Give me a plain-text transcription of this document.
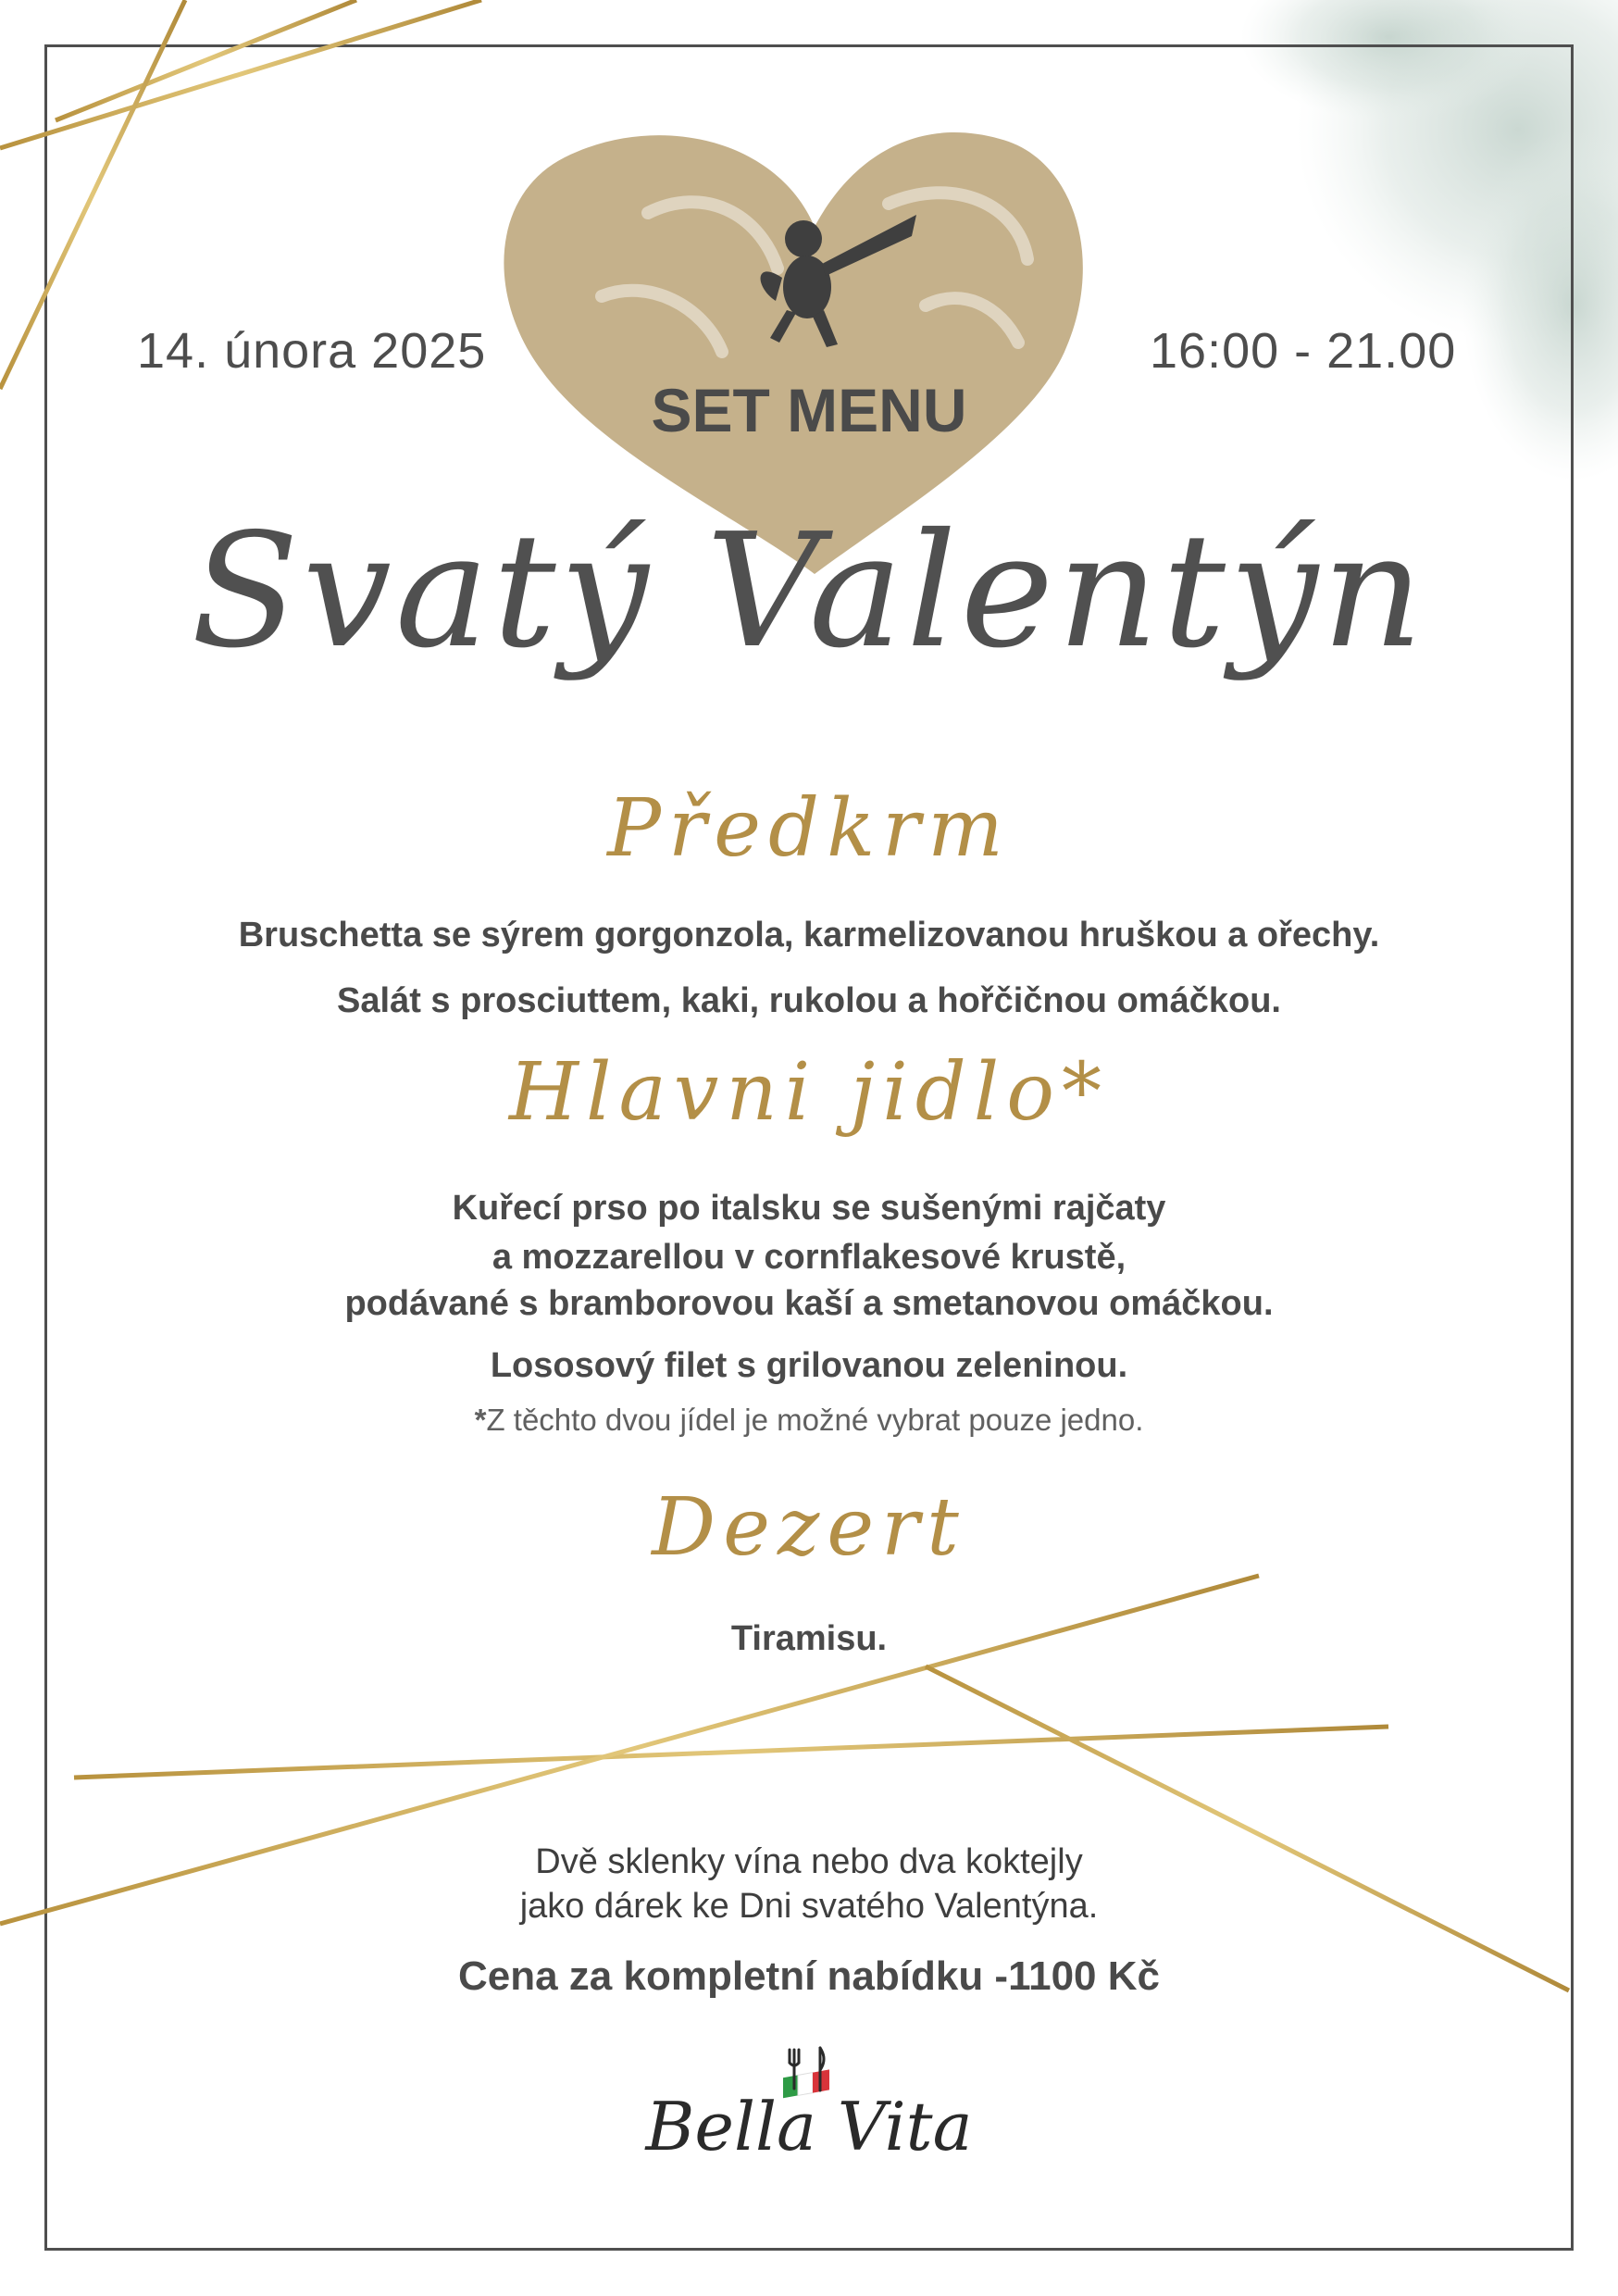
14. února 2025	16:00 - 21.00

SET MENU

Svatý Valentýn

Předkrm

Bruschetta se sýrem gorgonzola, karmelizovanou hruškou a ořechy.

Salát s prosciuttem, kaki, rukolou a hořčičnou omáčkou.

Hlavni jidlo*

Kuřecí prso po italsku se sušenými rajčaty

a mozzarellou v cornflakesové krustě,

podávané s bramborovou kaší a smetanovou omáčkou.

Lososový filet s grilovanou zeleninou.

*Z těchto dvou jídel je možné vybrat pouze jedno.

Dezert

Tiramisu.

Dvě sklenky vína nebo dva koktejly

jako dárek ke Dni svatého Valentýna.

Cena za kompletní nabídku -1100 Kč

Bella Vita
